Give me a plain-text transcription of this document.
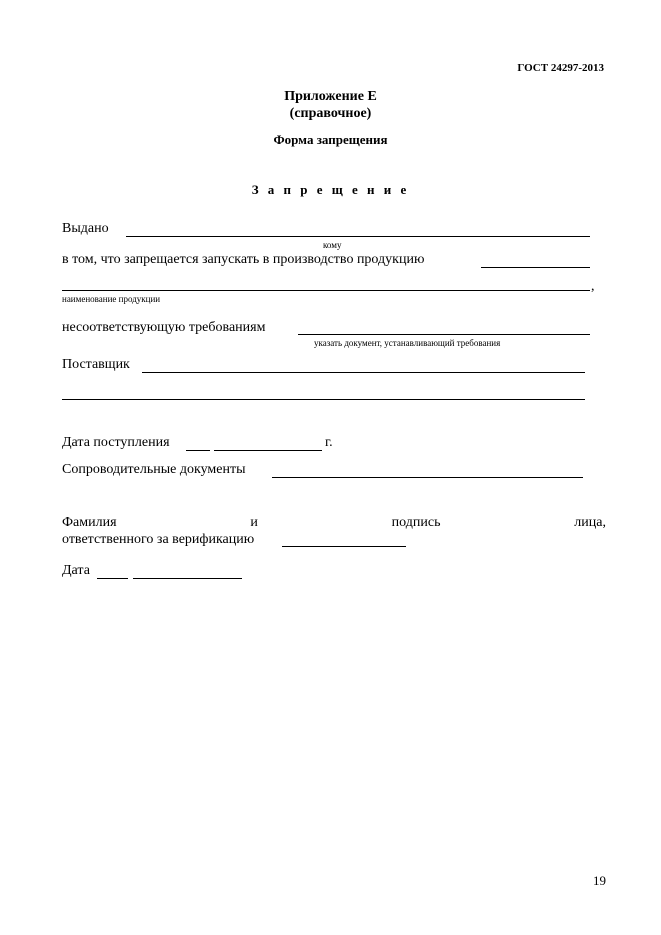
ГОСТ 24297-2013
Приложение Е
(справочное)
Форма запрещения
З а п р е щ е н и е
Выдано
кому
в том, что запрещается запускать в производство продукцию
,
наименование продукции
несоответствующую требованиям
указать документ, устанавливающий требования
Поставщик
Дата поступления	г.
Сопроводительные документы
Фамилия	и	подпись	лица,
ответственного за верификацию
Дата
19
